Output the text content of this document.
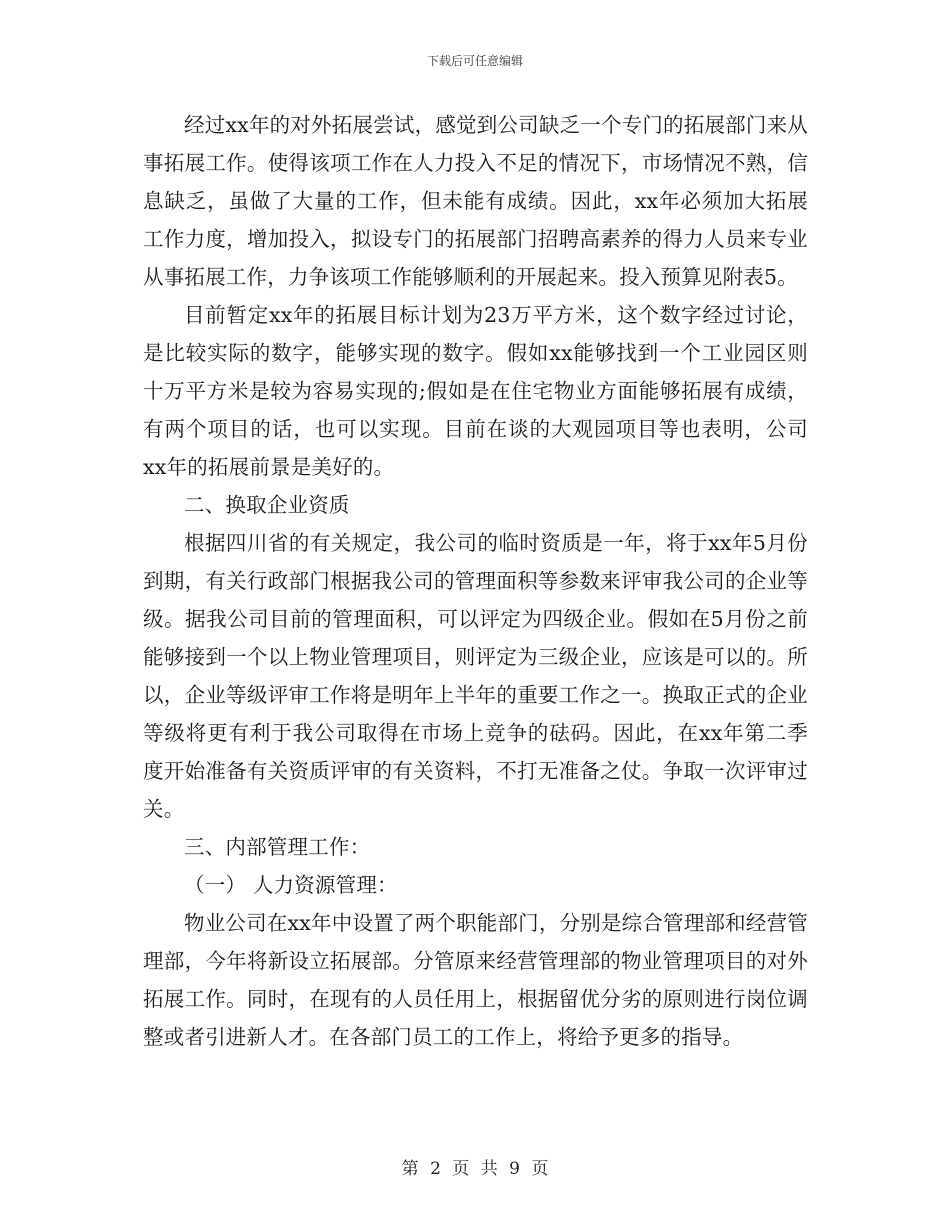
下载后可任意编辑

经过xx年的对外拓展尝试，感觉到公司缺乏一个专门的拓展部门来从事拓展工作。使得该项工作在人力投入不足的情况下，市场情况不熟，信息缺乏，虽做了大量的工作，但未能有成绩。因此，xx年必须加大拓展工作力度，增加投入，拟设专门的拓展部门招聘高素养的得力人员来专业从事拓展工作，力争该项工作能够顺利的开展起来。投入预算见附表5。

目前暂定xx年的拓展目标计划为23万平方米，这个数字经过讨论，是比较实际的数字，能够实现的数字。假如xx能够找到一个工业园区则十万平方米是较为容易实现的;假如是在住宅物业方面能够拓展有成绩，有两个项目的话，也可以实现。目前在谈的大观园项目等也表明，公司xx年的拓展前景是美好的。

二、换取企业资质

根据四川省的有关规定，我公司的临时资质是一年，将于xx年5月份到期，有关行政部门根据我公司的管理面积等参数来评审我公司的企业等级。据我公司目前的管理面积，可以评定为四级企业。假如在5月份之前能够接到一个以上物业管理项目，则评定为三级企业，应该是可以的。所以，企业等级评审工作将是明年上半年的重要工作之一。换取正式的企业等级将更有利于我公司取得在市场上竞争的砝码。因此，在xx年第二季度开始准备有关资质评审的有关资料，不打无准备之仗。争取一次评审过关。

三、内部管理工作：

（一） 人力资源管理：

物业公司在xx年中设置了两个职能部门，分别是综合管理部和经营管理部，今年将新设立拓展部。分管原来经营管理部的物业管理项目的对外拓展工作。同时，在现有的人员任用上，根据留优分劣的原则进行岗位调整或者引进新人才。在各部门员工的工作上，将给予更多的指导。

第 2 页 共 9 页
